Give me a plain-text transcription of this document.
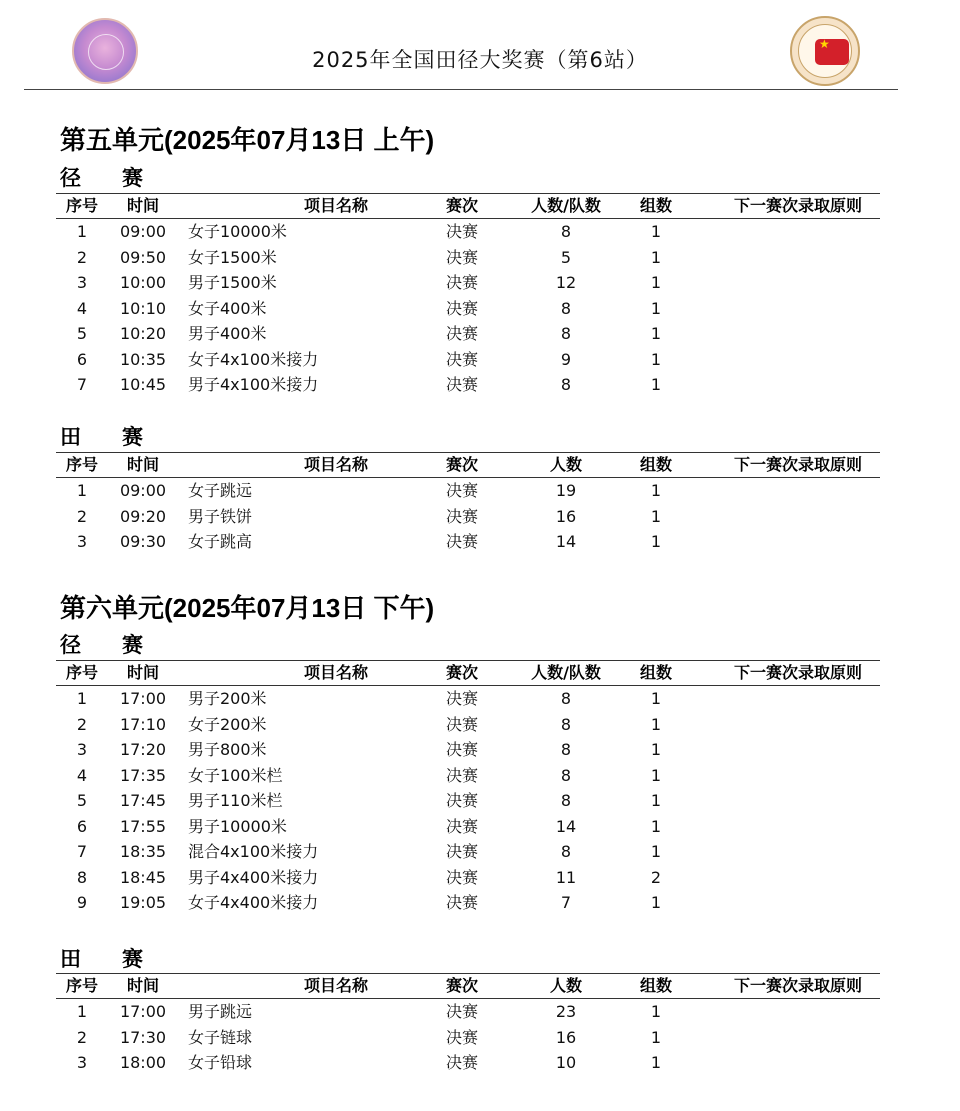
2025年全国田径大奖赛（第6站）
★
第五单元(2025年07月13日 上午)
径 赛
序号	时间	项目名称	赛次	人数/队数	组数	下一赛次录取原则
1	09:00	女子10000米	决赛	8	1
2	09:50	女子1500米	决赛	5	1
3	10:00	男子1500米	决赛	12	1
4	10:10	女子400米	决赛	8	1
5	10:20	男子400米	决赛	8	1
6	10:35	女子4x100米接力	决赛	9	1
7	10:45	男子4x100米接力	决赛	8	1
田 赛
序号	时间	项目名称	赛次	人数	组数	下一赛次录取原则
1	09:00	女子跳远	决赛	19	1
2	09:20	男子铁饼	决赛	16	1
3	09:30	女子跳高	决赛	14	1
第六单元(2025年07月13日 下午)
径 赛
序号	时间	项目名称	赛次	人数/队数	组数	下一赛次录取原则
1	17:00	男子200米	决赛	8	1
2	17:10	女子200米	决赛	8	1
3	17:20	男子800米	决赛	8	1
4	17:35	女子100米栏	决赛	8	1
5	17:45	男子110米栏	决赛	8	1
6	17:55	男子10000米	决赛	14	1
7	18:35	混合4x100米接力	决赛	8	1
8	18:45	男子4x400米接力	决赛	11	2
9	19:05	女子4x400米接力	决赛	7	1
田 赛
序号	时间	项目名称	赛次	人数	组数	下一赛次录取原则
1	17:00	男子跳远	决赛	23	1
2	17:30	女子链球	决赛	16	1
3	18:00	女子铅球	决赛	10	1
